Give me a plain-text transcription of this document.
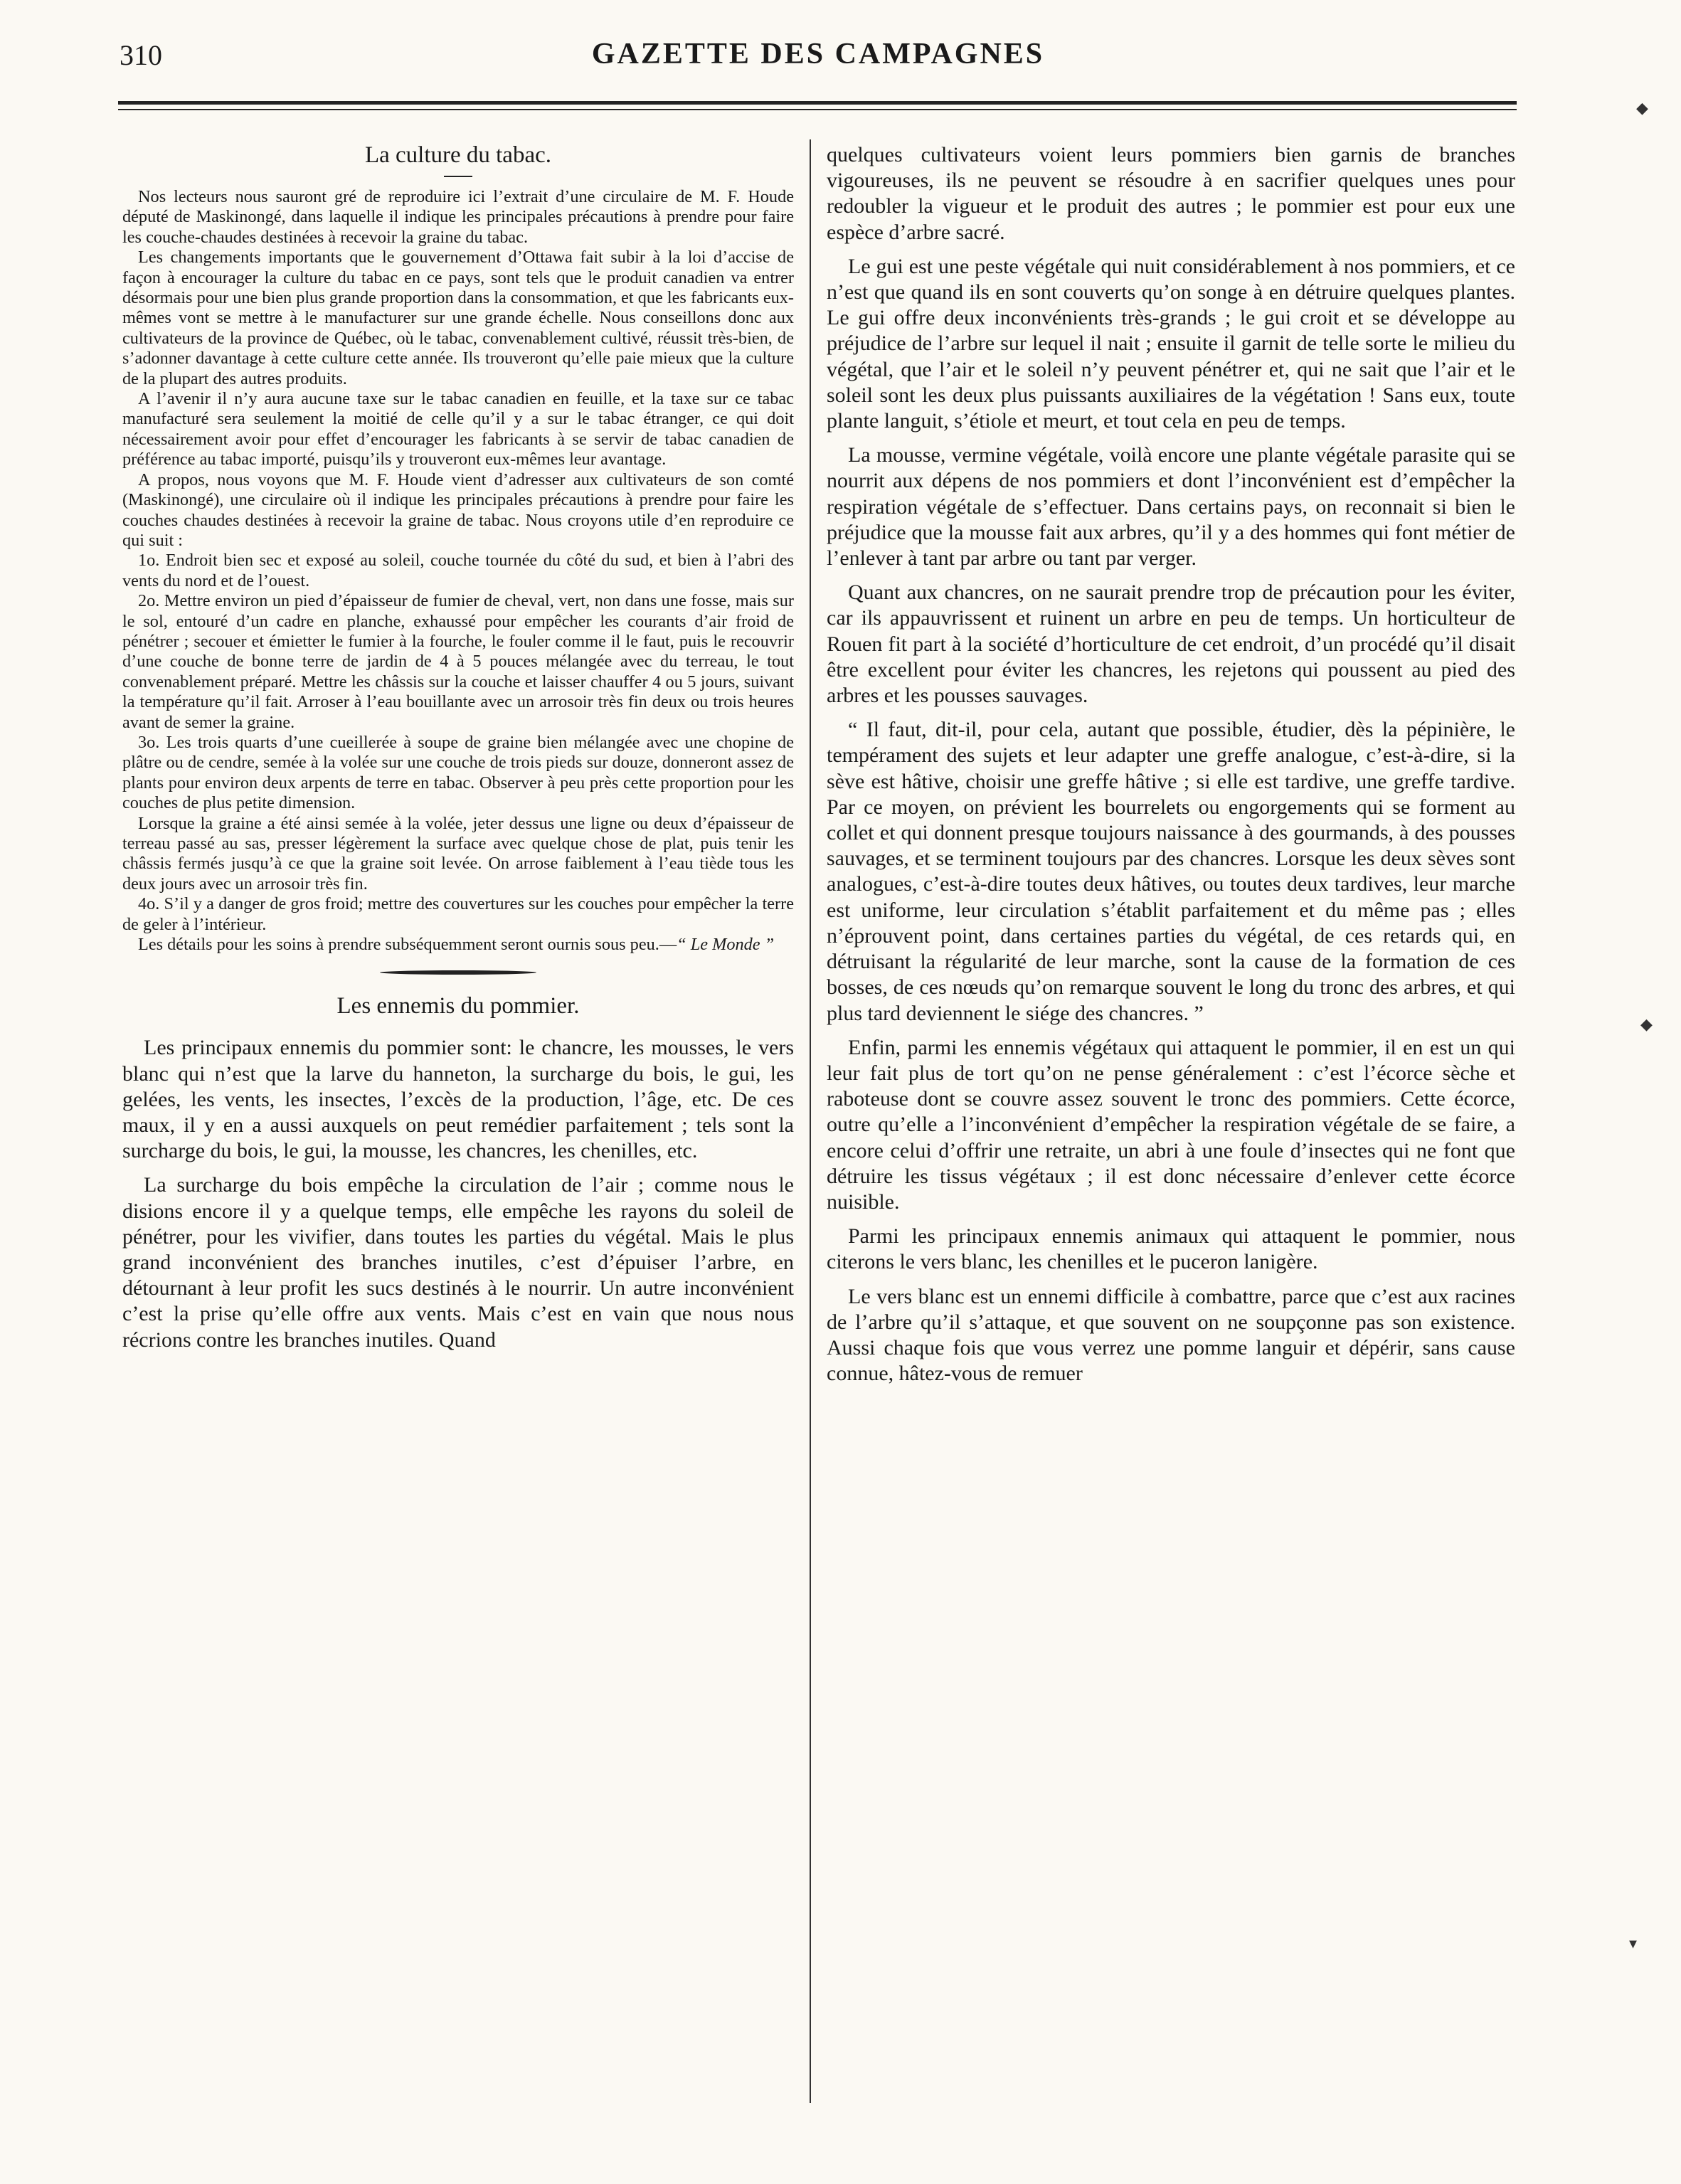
310	GAZETTE DES CAMPAGNES
◆
◆
▾
La culture du tabac.

Nos lecteurs nous sauront gré de reproduire ici l’extrait d’une circulaire de M. F. Houde député de Maskinongé, dans laquelle il indique les principales précautions à prendre pour faire les couche-chaudes destinées à recevoir la graine du tabac.

Les changements importants que le gouvernement d’Ottawa fait subir à la loi d’accise de façon à encourager la culture du tabac en ce pays, sont tels que le produit canadien va entrer désormais pour une bien plus grande proportion dans la consommation, et que les fabricants eux-mêmes vont se mettre à le manufacturer sur une grande échelle. Nous conseillons donc aux cultivateurs de la province de Québec, où le tabac, convenablement cultivé, réussit très-bien, de s’adonner davantage à cette culture cette année. Ils trouveront qu’elle paie mieux que la culture de la plupart des autres produits.

A l’avenir il n’y aura aucune taxe sur le tabac canadien en feuille, et la taxe sur ce tabac manufacturé sera seulement la moitié de celle qu’il y a sur le tabac étranger, ce qui doit nécessairement avoir pour effet d’encourager les fabricants à se servir de tabac canadien de préférence au tabac importé, puisqu’ils y trouveront eux-mêmes leur avantage.

A propos, nous voyons que M. F. Houde vient d’adresser aux cultivateurs de son comté (Maskinongé), une circulaire où il indique les principales précautions à prendre pour faire les couches chaudes destinées à recevoir la graine de tabac. Nous croyons utile d’en reproduire ce qui suit :

1o. Endroit bien sec et exposé au soleil, couche tournée du côté du sud, et bien à l’abri des vents du nord et de l’ouest.

2o. Mettre environ un pied d’épaisseur de fumier de cheval, vert, non dans une fosse, mais sur le sol, entouré d’un cadre en planche, exhaussé pour empêcher les courants d’air froid de pénétrer ; secouer et émietter le fumier à la fourche, le fouler comme il le faut, puis le recouvrir d’une couche de bonne terre de jardin de 4 à 5 pouces mélangée avec du terreau, le tout convenablement préparé. Mettre les châssis sur la couche et laisser chauffer 4 ou 5 jours, suivant la température qu’il fait. Arroser à l’eau bouillante avec un arrosoir très fin deux ou trois heures avant de semer la graine.

3o. Les trois quarts d’une cueillerée à soupe de graine bien mélangée avec une chopine de plâtre ou de cendre, semée à la volée sur une couche de trois pieds sur douze, donneront assez de plants pour environ deux arpents de terre en tabac. Observer à peu près cette proportion pour les couches de plus petite dimension.

Lorsque la graine a été ainsi semée à la volée, jeter dessus une ligne ou deux d’épaisseur de terreau passé au sas, presser légèrement la surface avec quelque chose de plat, puis tenir les châssis fermés jusqu’à ce que la graine soit levée. On arrose faiblement à l’eau tiède tous les deux jours avec un arrosoir très fin.

4o. S’il y a danger de gros froid; mettre des couvertures sur les couches pour empêcher la terre de geler à l’intérieur.

Les détails pour les soins à prendre subséquemment seront ournis sous peu.—“ Le Monde ”

Les ennemis du pommier.

Les principaux ennemis du pommier sont: le chancre, les mousses, le vers blanc qui n’est que la larve du hanneton, la surcharge du bois, le gui, les gelées, les vents, les insectes, l’excès de la production, l’âge, etc. De ces maux, il y en a aussi auxquels on peut remédier parfaitement ; tels sont la surcharge du bois, le gui, la mousse, les chancres, les chenilles, etc.

La surcharge du bois empêche la circulation de l’air ; comme nous le disions encore il y a quelque temps, elle empêche les rayons du soleil de pénétrer, pour les vivifier, dans toutes les parties du végétal. Mais le plus grand inconvénient des branches inutiles, c’est d’épuiser l’arbre, en détournant à leur profit les sucs destinés à le nourrir. Un autre inconvénient c’est la prise qu’elle offre aux vents. Mais c’est en vain que nous nous récrions contre les branches inutiles. Quand

quelques cultivateurs voient leurs pommiers bien garnis de branches vigoureuses, ils ne peuvent se résoudre à en sacrifier quelques unes pour redoubler la vigueur et le produit des autres ; le pommier est pour eux une espèce d’arbre sacré.

Le gui est une peste végétale qui nuit considérablement à nos pommiers, et ce n’est que quand ils en sont couverts qu’on songe à en détruire quelques plantes. Le gui offre deux inconvénients très-grands ; le gui croit et se développe au préjudice de l’arbre sur lequel il nait ; ensuite il garnit de telle sorte le milieu du végétal, que l’air et le soleil n’y peuvent pénétrer et, qui ne sait que l’air et le soleil sont les deux plus puissants auxiliaires de la végétation ! Sans eux, toute plante languit, s’étiole et meurt, et tout cela en peu de temps.

La mousse, vermine végétale, voilà encore une plante végétale parasite qui se nourrit aux dépens de nos pommiers et dont l’inconvénient est d’empêcher la respiration végétale de s’effectuer. Dans certains pays, on reconnait si bien le préjudice que la mousse fait aux arbres, qu’il y a des hommes qui font métier de l’enlever à tant par arbre ou tant par verger.

Quant aux chancres, on ne saurait prendre trop de précaution pour les éviter, car ils appauvrissent et ruinent un arbre en peu de temps. Un horticulteur de Rouen fit part à la société d’horticulture de cet endroit, d’un procédé qu’il disait être excellent pour éviter les chancres, les rejetons qui poussent au pied des arbres et les pousses sauvages.

“ Il faut, dit-il, pour cela, autant que possible, étudier, dès la pépinière, le tempérament des sujets et leur adapter une greffe analogue, c’est-à-dire, si la sève est hâtive, choisir une greffe hâtive ; si elle est tardive, une greffe tardive. Par ce moyen, on prévient les bourrelets ou engorgements qui se forment au collet et qui donnent presque toujours naissance à des gourmands, à des pousses sauvages, et se terminent toujours par des chancres. Lorsque les deux sèves sont analogues, c’est-à-dire toutes deux hâtives, ou toutes deux tardives, leur marche est uniforme, leur circulation s’établit parfaitement et du même pas ; elles n’éprouvent point, dans certaines parties du végétal, de ces retards qui, en détruisant la régularité de leur marche, sont la cause de la formation de ces bosses, de ces nœuds qu’on remarque souvent le long du tronc des arbres, et qui plus tard deviennent le siége des chancres. ”

Enfin, parmi les ennemis végétaux qui attaquent le pommier, il en est un qui leur fait plus de tort qu’on ne pense généralement : c’est l’écorce sèche et raboteuse dont se couvre assez souvent le tronc des pommiers. Cette écorce, outre qu’elle a l’inconvénient d’empêcher la respiration végétale de se faire, a encore celui d’offrir une retraite, un abri à une foule d’insectes qui ne font que détruire les tissus végétaux ; il est donc nécessaire d’enlever cette écorce nuisible.

Parmi les principaux ennemis animaux qui attaquent le pommier, nous citerons le vers blanc, les chenilles et le puceron lanigère.

Le vers blanc est un ennemi difficile à combattre, parce que c’est aux racines de l’arbre qu’il s’attaque, et que souvent on ne soupçonne pas son existence. Aussi chaque fois que vous verrez une pomme languir et dépérir, sans cause connue, hâtez-vous de remuer
